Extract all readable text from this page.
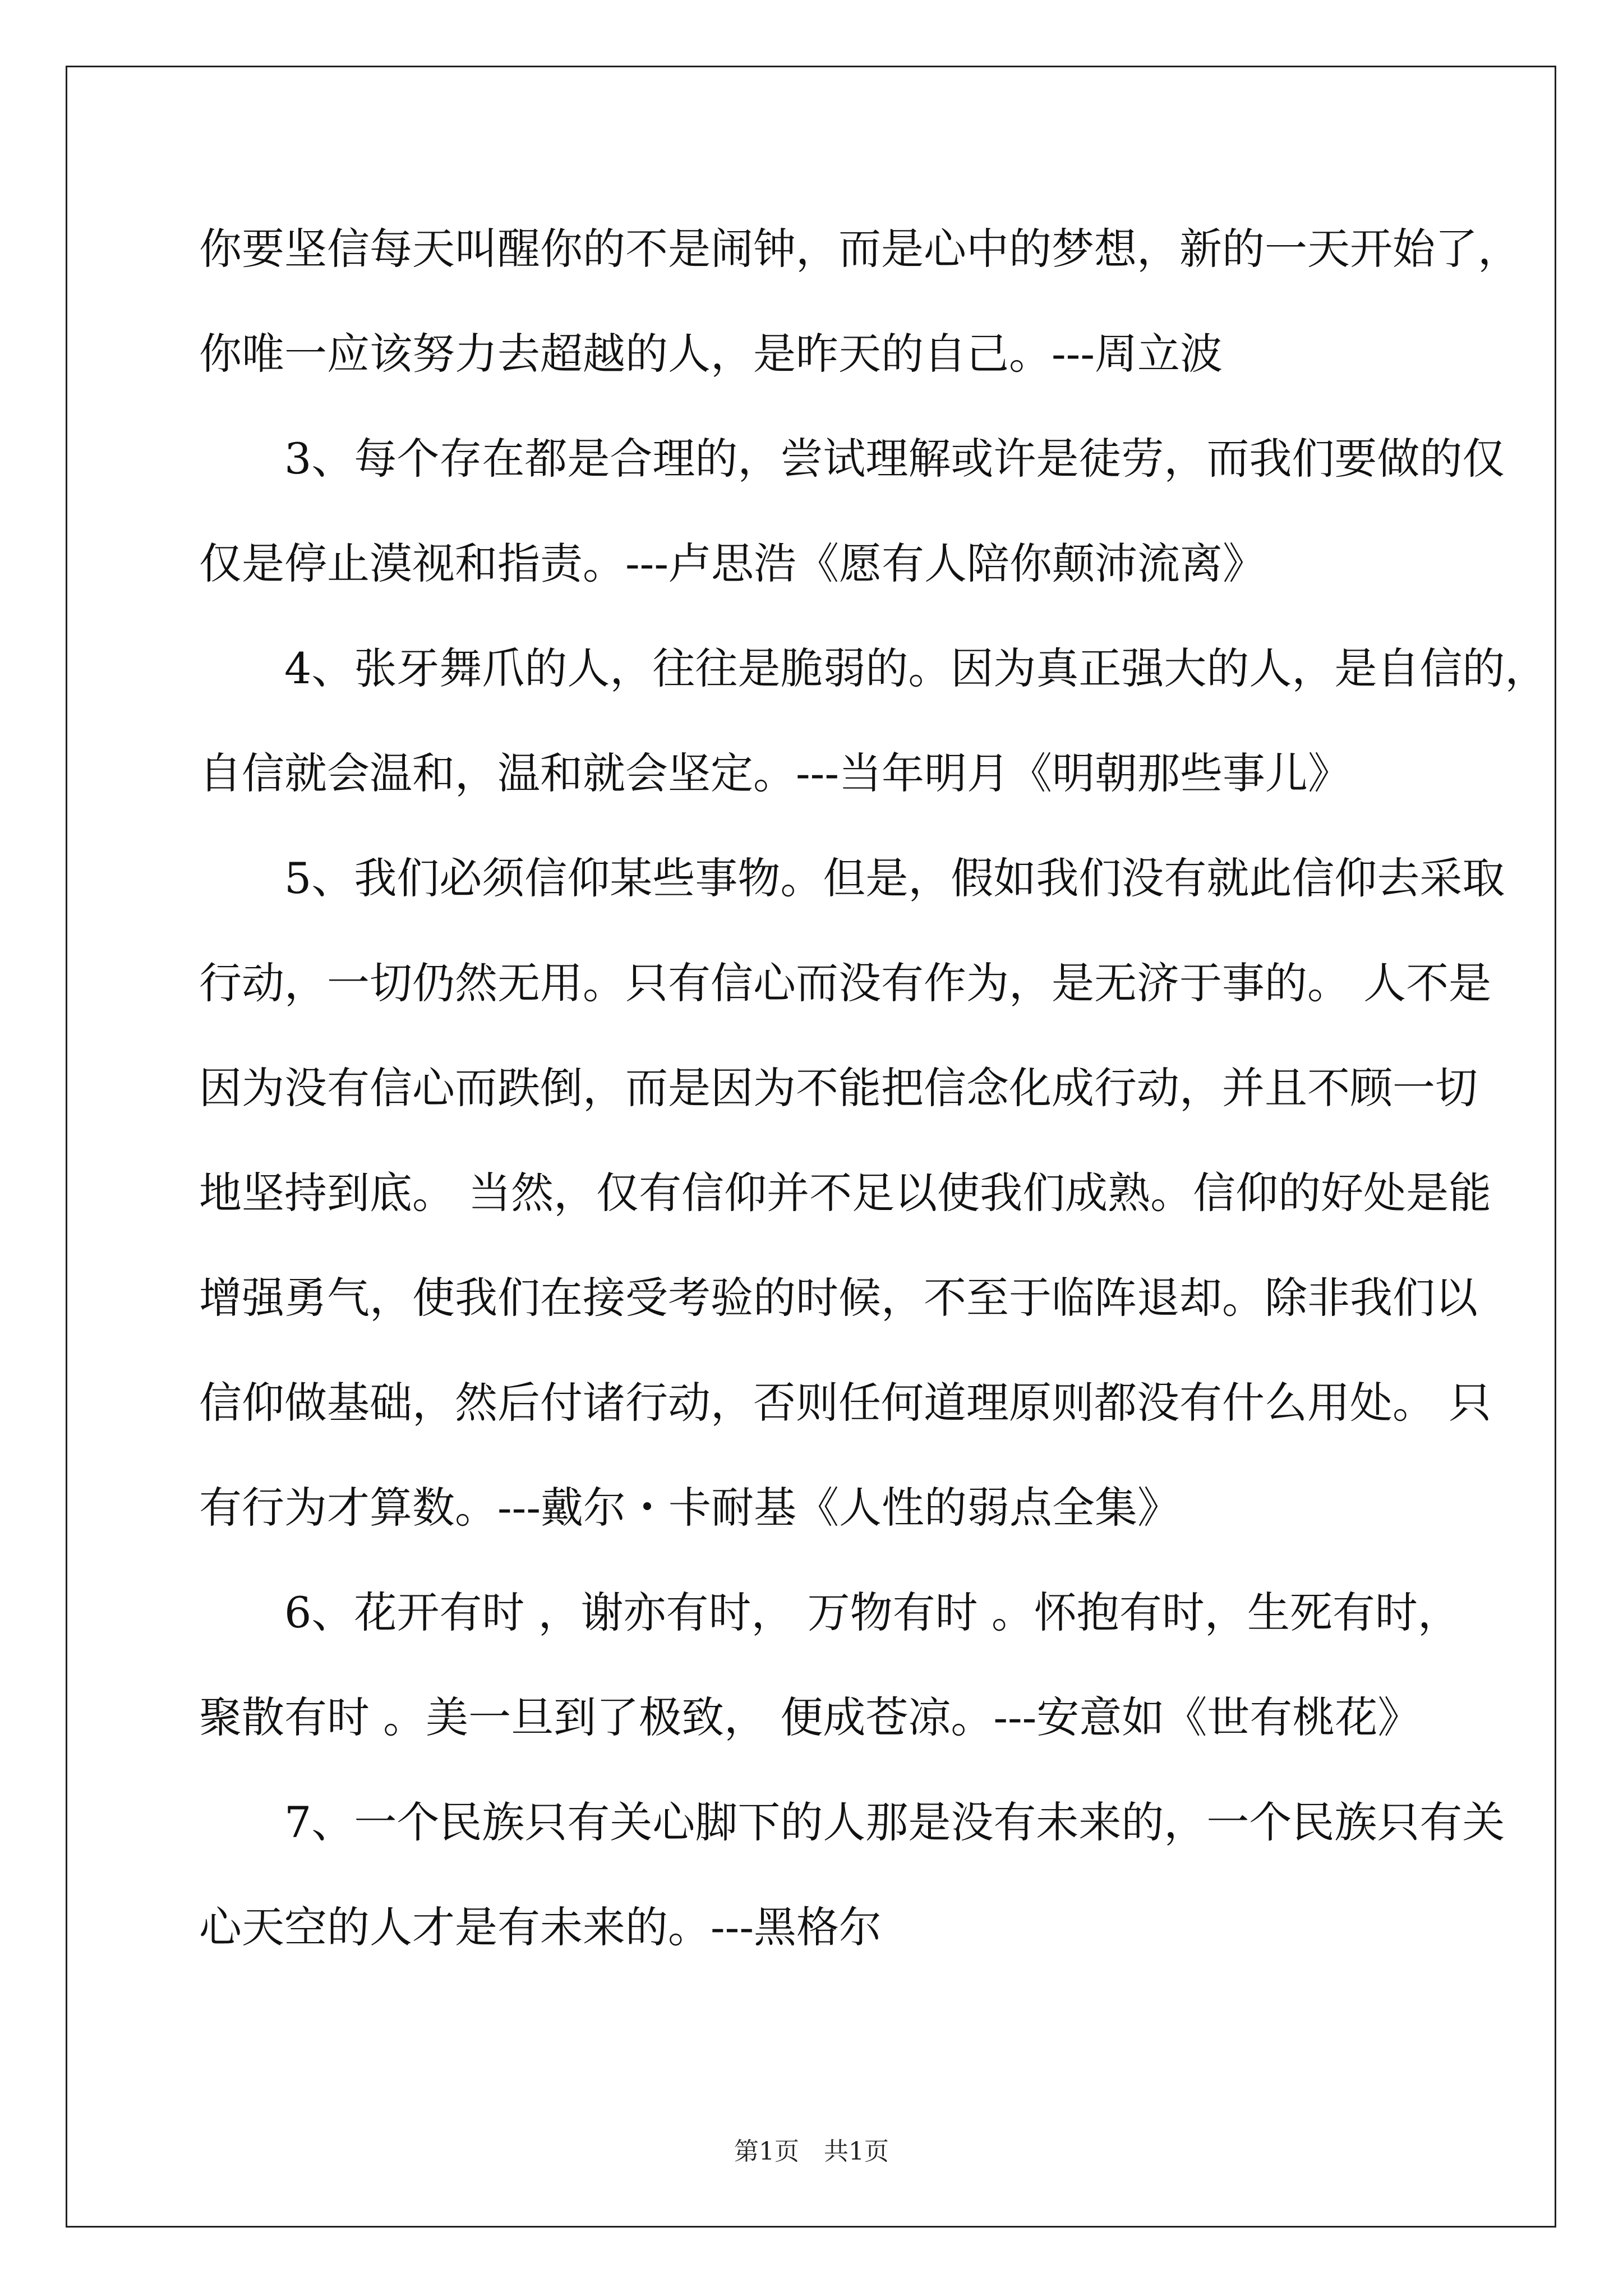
你要坚信每天叫醒你的不是闹钟，而是心中的梦想，新的一天开始了，
你唯一应该努力去超越的人，是昨天的自己。---周立波
3、每个存在都是合理的，尝试理解或许是徒劳，而我们要做的仅
仅是停止漠视和指责。---卢思浩《愿有人陪你颠沛流离》
4、张牙舞爪的人，往往是脆弱的。因为真正强大的人，是自信的，
自信就会温和，温和就会坚定。---当年明月《明朝那些事儿》
5、我们必须信仰某些事物。但是，假如我们没有就此信仰去采取
行动，一切仍然无用。只有信心而没有作为，是无济于事的。 人不是
因为没有信心而跌倒，而是因为不能把信念化成行动，并且不顾一切
地坚持到底。 当然，仅有信仰并不足以使我们成熟。信仰的好处是能
增强勇气，使我们在接受考验的时候，不至于临阵退却。除非我们以
信仰做基础，然后付诸行动，否则任何道理原则都没有什么用处。 只
有行为才算数。---戴尔・卡耐基《人性的弱点全集》
6、花开有时 ，谢亦有时， 万物有时 。怀抱有时，生死有时，
聚散有时 。美一旦到了极致， 便成苍凉。---安意如《世有桃花》
7、一个民族只有关心脚下的人那是没有未来的，一个民族只有关
心天空的人才是有未来的。---黑格尔
第1页　共1页
